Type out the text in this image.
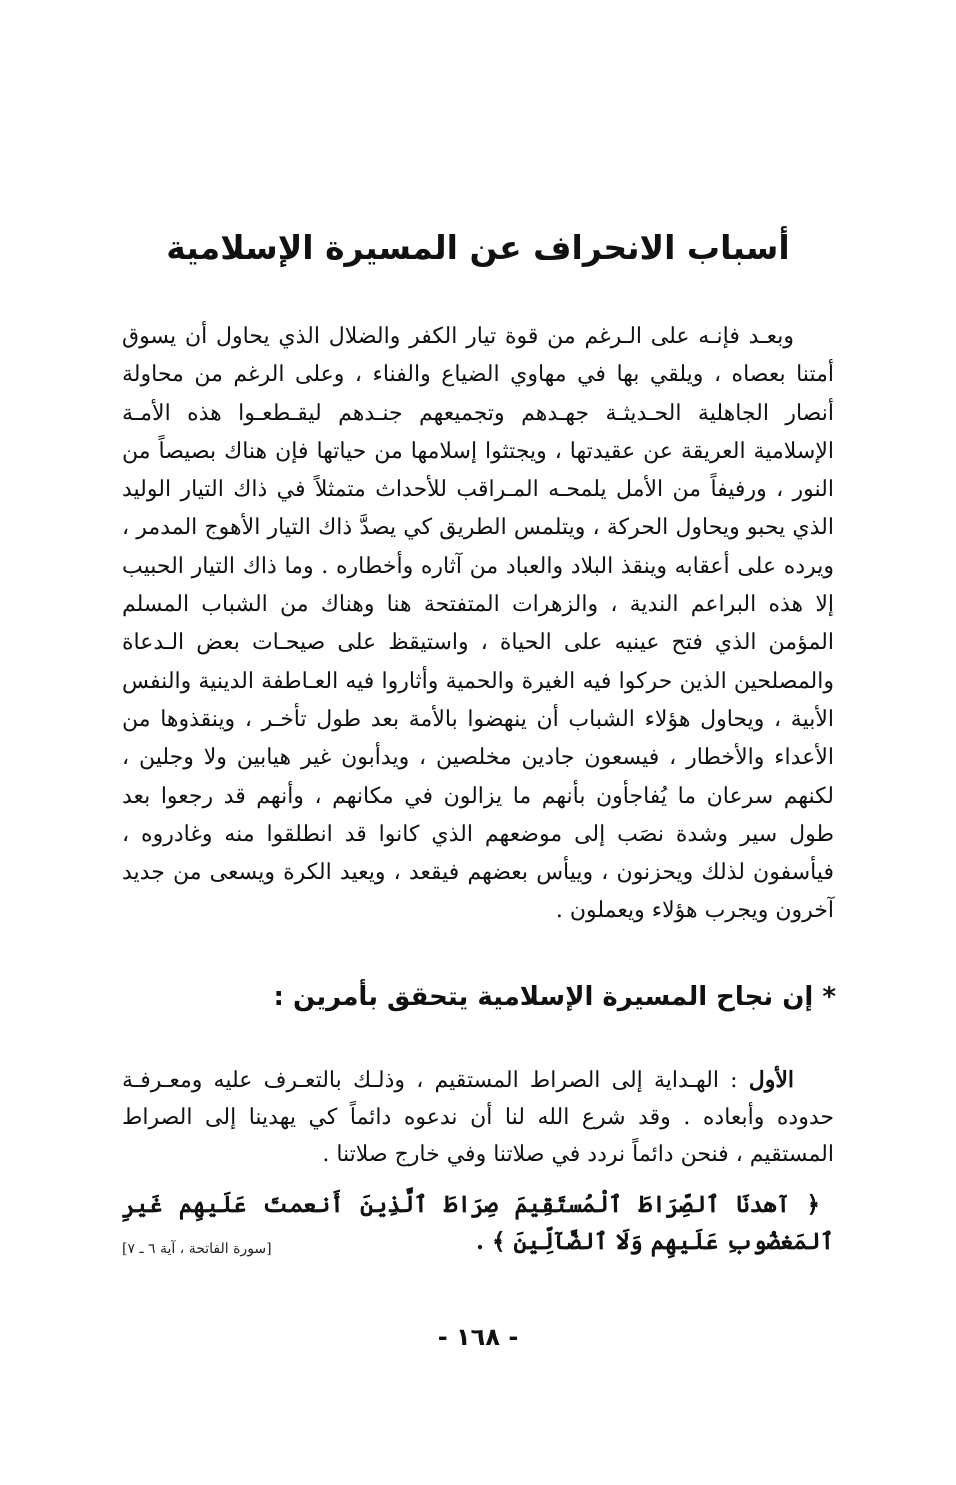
أسباب الانحراف عن المسيرة الإسلامية

وبعـد فإنـه على الـرغم من قوة تيار الكفر والضلال الذي يحاول أن يسوق أمتنا بعصاه ، ويلقي بها في مهاوي الضياع والفناء ، وعلى الرغم من محاولة أنصار الجاهلية الحـديثـة جهـدهم وتجميعهم جنـدهم ليقـطعـوا هذه الأمـة الإسلامية العريقة عن عقيدتها ، ويجتثوا إسلامها من حياتها فإن هناك بصيصاً من النور ، ورفيفاً من الأمل يلمحـه المـراقب للأحداث متمثلاً في ذاك التيار الوليد الذي يحبو ويحاول الحركة ، ويتلمس الطريق كي يصدَّ ذاك التيار الأهوج المدمر ، ويرده على أعقابه وينقذ البلاد والعباد من آثاره وأخطاره . وما ذاك التيار الحبيب إلا هذه البراعم الندية ، والزهرات المتفتحة هنا وهناك من الشباب المسلم المؤمن الذي فتح عينيه على الحياة ، واستيقظ على صيحـات بعض الـدعاة والمصلحين الذين حركوا فيه الغيرة والحمية وأثاروا فيه العـاطفة الدينية والنفس الأبية ، ويحاول هؤلاء الشباب أن ينهضوا بالأمة بعد طول تأخـر ، وينقذوها من الأعداء والأخطار ، فيسعون جادين مخلصين ، ويدأبون غير هيابين ولا وجلين ، لكنهم سرعان ما يُفاجأون بأنهم ما يزالون في مكانهم ، وأنهم قد رجعوا بعد طول سير وشدة نصَب إلى موضعهم الذي كانوا قد انطلقوا منه وغادروه ، فيأسفون لذلك ويحزنون ، وييأس بعضهم فيقعد ، ويعيد الكرة ويسعى من جديد آخرون ويجرب هؤلاء ويعملون .

* إن نجاح المسيرة الإسلامية يتحقق بأمرين :

الأول : الهـداية إلى الصراط المستقيم ، وذلـك بالتعـرف عليه ومعـرفـة حدوده وأبعاده . وقد شرع الله لنا أن ندعوه دائماً كي يهدينا إلى الصراط المستقيم ، فنحن دائماً نردد في صلاتنا وفي خارج صلاتنا .

﴿ آهدنَا ٱلصِّرَاطَ ٱلْمُستَقِيمَ صِرَاطَ ٱلَّذِينَ أَنعمتَ عَلَيهِم غَيرِ ٱلمَغضُوبِ عَلَيهِم وَلَا ٱلضَّآلِّينَ ﴾ .

[سورة الفاتحة ، آية ٦ ـ ٧]
- ١٦٨ -
